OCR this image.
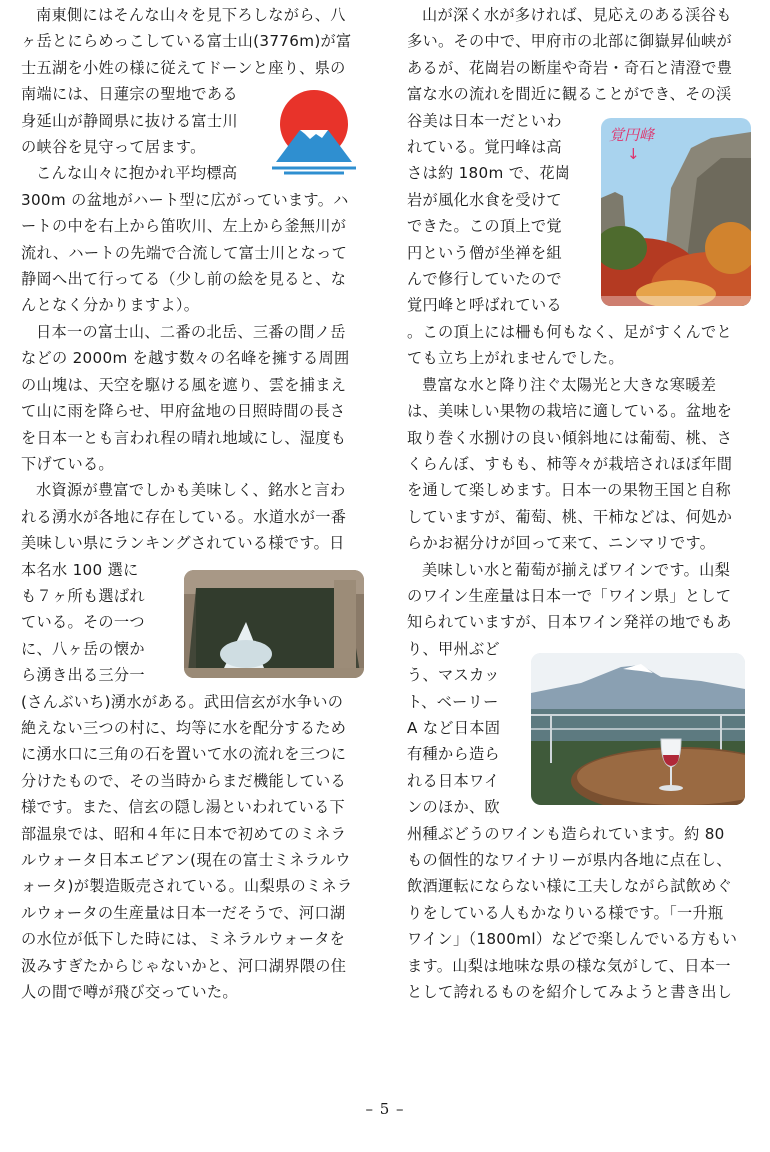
覚円峰
↓
南東側にはそんな山々を見下ろしながら、八
ヶ岳とにらめっこしている富士山(3776m)が富
士五湖を小姓の様に従えてドーンと座り、県の
南端には、日蓮宗の聖地である
身延山が静岡県に抜ける富士川
の峡谷を見守って居ます。
こんな山々に抱かれ平均標高
300m の盆地がハート型に広がっています。ハ
ートの中を右上から笛吹川、左上から釜無川が
流れ、ハートの先端で合流して富士川となって
静岡へ出て行ってる（少し前の絵を見ると、な
んとなく分かりますよ）。
日本一の富士山、二番の北岳、三番の間ノ岳
などの 2000m を越す数々の名峰を擁する周囲
の山塊は、天空を駆ける風を遮り、雲を捕まえ
て山に雨を降らせ、甲府盆地の日照時間の長さ
を日本一とも言われ程の晴れ地域にし、湿度も
下げている。
水資源が豊富でしかも美味しく、銘水と言わ
れる湧水が各地に存在している。水道水が一番
美味しい県にランキングされている様です。日
本名水 100 選に
も７ヶ所も選ばれ
ている。その一つ
に、八ヶ岳の懐か
ら湧き出る三分一
(さんぶいち)湧水がある。武田信玄が水争いの
絶えない三つの村に、均等に水を配分するため
に湧水口に三角の石を置いて水の流れを三つに
分けたもので、その当時からまだ機能している
様です。また、信玄の隠し湯といわれている下
部温泉では、昭和４年に日本で初めてのミネラ
ルウォータ日本エビアン(現在の富士ミネラルウ
ォータ)が製造販売されている。山梨県のミネラ
ルウォータの生産量は日本一だそうで、河口湖
の水位が低下した時には、ミネラルウォータを
汲みすぎたからじゃないかと、河口湖界隈の住
人の間で噂が飛び交っていた。
山が深く水が多ければ、見応えのある渓谷も
多い。その中で、甲府市の北部に御嶽昇仙峡が
あるが、花崗岩の断崖や奇岩・奇石と清澄で豊
富な水の流れを間近に観ることができ、その渓
谷美は日本一だといわ
れている。覚円峰は高
さは約 180m で、花崗
岩が風化水食を受けて
できた。この頂上で覚
円という僧が坐禅を組
んで修行していたので
覚円峰と呼ばれている
。この頂上には柵も何もなく、足がすくんでと
ても立ち上がれませんでした。
豊富な水と降り注ぐ太陽光と大きな寒暖差
は、美味しい果物の栽培に適している。盆地を
取り巻く水捌けの良い傾斜地には葡萄、桃、さ
くらんぼ、すもも、柿等々が栽培されほぼ年間
を通して楽しめます。日本一の果物王国と自称
していますが、葡萄、桃、干柿などは、何処か
らかお裾分けが回って来て、ニンマリです。
美味しい水と葡萄が揃えばワインです。山梨
のワイン生産量は日本一で「ワイン県」として
知られていますが、日本ワイン発祥の地でもあ
り、甲州ぶど
う、マスカッ
ト、ベーリー
A など日本固
有種から造ら
れる日本ワイ
ンのほか、欧
州種ぶどうのワインも造られています。約 80
もの個性的なワイナリーが県内各地に点在し、
飲酒運転にならない様に工夫しながら試飲めぐ
りをしている人もかなりいる様です。「一升瓶
ワイン」（1800ml）などで楽しんでいる方もい
ます。山梨は地味な県の様な気がして、日本一
として誇れるものを紹介してみようと書き出し
– 5 –
